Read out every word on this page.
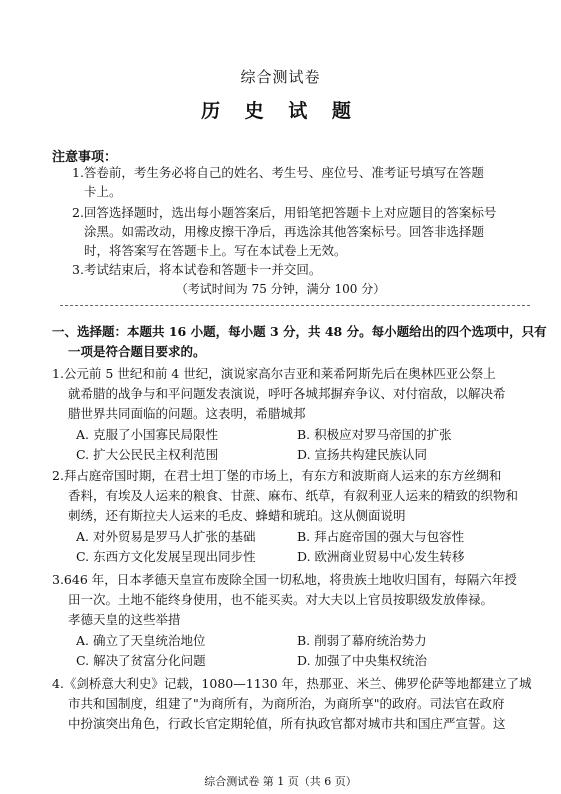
综合测试卷
历 史 试 题
注意事项：
1.答卷前，考生务必将自己的姓名、考生号、座位号、准考证号填写在答题
卡上。
2.回答选择题时，选出每小题答案后，用铅笔把答题卡上对应题目的答案标号
涂黑。如需改动，用橡皮擦干净后，再选涂其他答案标号。回答非选择题
时，将答案写在答题卡上。写在本试卷上无效。
3.考试结束后，将本试卷和答题卡一并交回。
（考试时间为 75 分钟，满分 100 分）
一、选择题：本题共 16 小题，每小题 3 分，共 48 分。每小题给出的四个选项中，只有
一项是符合题目要求的。
1.公元前 5 世纪和前 4 世纪，演说家高尔吉亚和莱希阿斯先后在奥林匹亚公祭上
就希腊的战争与和平问题发表演说，呼吁各城邦摒弃争议、对付宿敌，以解决希
腊世界共同面临的问题。这表明，希腊城邦
A. 克服了小国寡民局限性	B. 积极应对罗马帝国的扩张
C. 扩大公民民主权利范围	D. 宣扬共构建民族认同
2.拜占庭帝国时期，在君士坦丁堡的市场上，有东方和波斯商人运来的东方丝绸和
香料，有埃及人运来的粮食、甘蔗、麻布、纸草，有叙利亚人运来的精致的织物和
刺绣，还有斯拉夫人运来的毛皮、蜂蜡和琥珀。这从侧面说明
A. 对外贸易是罗马人扩张的基础	B. 拜占庭帝国的强大与包容性
C. 东西方文化发展呈现出同步性	D. 欧洲商业贸易中心发生转移
3.646 年，日本孝德天皇宣布废除全国一切私地，将贵族土地收归国有，每隔六年授
田一次。土地不能终身使用，也不能买卖。对大夫以上官员按职级发放俸禄。
孝德天皇的这些举措
A. 确立了天皇统治地位	B. 削弱了幕府统治势力
C. 解决了贫富分化问题	D. 加强了中央集权统治
4.《剑桥意大利史》记载，1080—1130 年，热那亚、米兰、佛罗伦萨等地都建立了城
市共和国制度，组建了"为商所有，为商所治，为商所享"的政府。司法官在政府
中扮演突出角色，行政长官定期轮值，所有执政官都对城市共和国庄严宣誓。这
综合测试卷 第 1 页（共 6 页）
